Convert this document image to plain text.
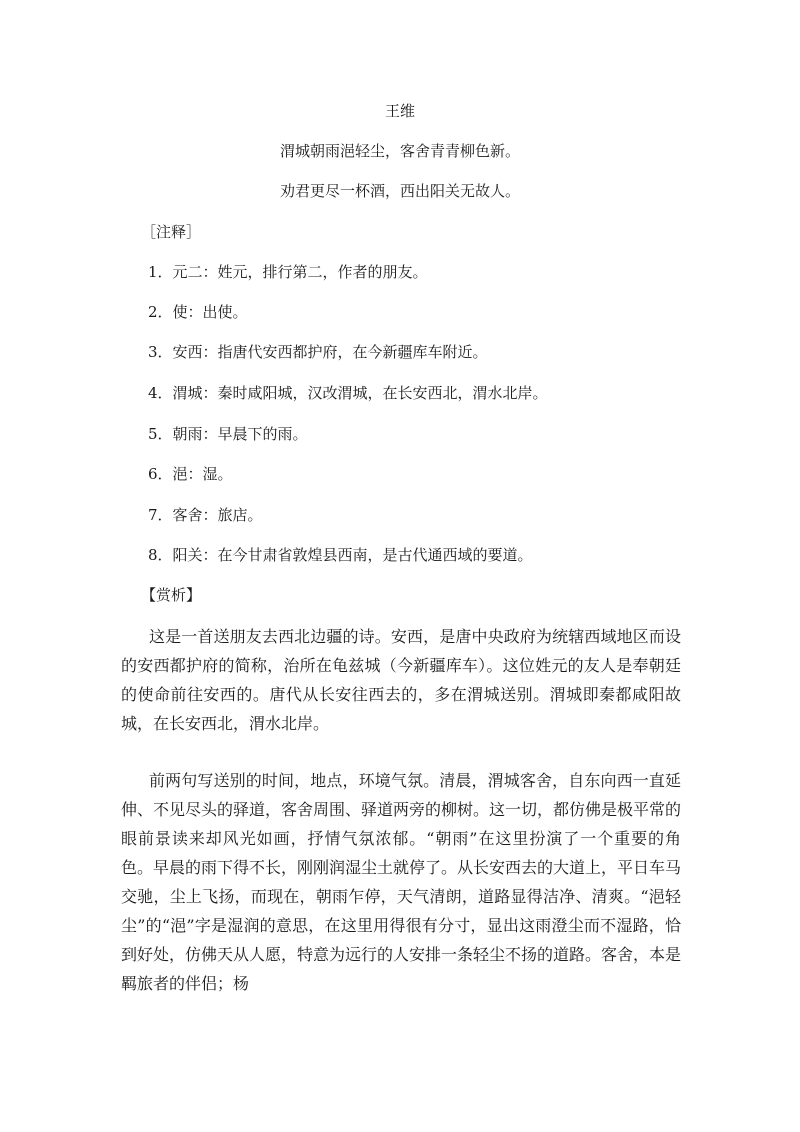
王维
渭城朝雨浥轻尘，客舍青青柳色新。
劝君更尽一杯酒，西出阳关无故人。
［注释］
1．元二：姓元，排行第二，作者的朋友。
2．使：出使。
3．安西：指唐代安西都护府，在今新疆库车附近。
4．渭城：秦时咸阳城，汉改渭城，在长安西北，渭水北岸。
5．朝雨：早晨下的雨。
6．浥：湿。
7．客舍：旅店。
8．阳关：在今甘肃省敦煌县西南，是古代通西域的要道。
【赏析】

这是一首送朋友去西北边疆的诗。安西，是唐中央政府为统辖西域地区而设的安西都护府的简称，治所在龟兹城（今新疆库车）。这位姓元的友人是奉朝廷的使命前往安西的。唐代从长安往西去的，多在渭城送别。渭城即秦都咸阳故城，在长安西北，渭水北岸。

前两句写送别的时间，地点，环境气氛。清晨，渭城客舍，自东向西一直延伸、不见尽头的驿道，客舍周围、驿道两旁的柳树。这一切，都仿佛是极平常的眼前景读来却风光如画，抒情气氛浓郁。“朝雨”在这里扮演了一个重要的角色。早晨的雨下得不长，刚刚润湿尘土就停了。从长安西去的大道上，平日车马交驰，尘上飞扬，而现在，朝雨乍停，天气清朗，道路显得洁净、清爽。“浥轻尘”的“浥”字是湿润的意思，在这里用得很有分寸，显出这雨澄尘而不湿路，恰到好处，仿佛天从人愿，特意为远行的人安排一条轻尘不扬的道路。客舍，本是羁旅者的伴侣；杨
